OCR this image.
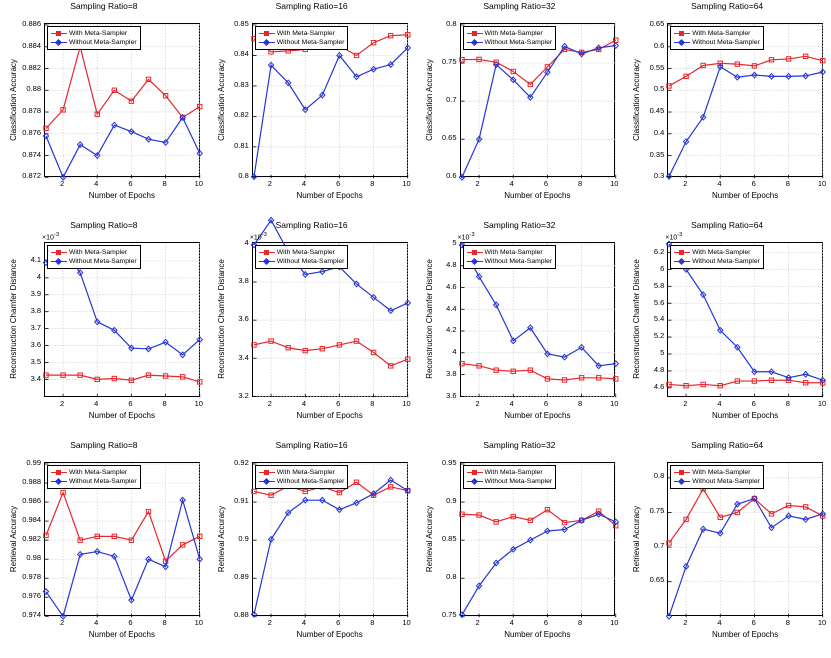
Sampling Ratio=8
0.872
0.874
0.876
0.878
0.88
0.882
0.884
0.886
2	4	6	8	10
Number of Epochs
Classification Accuracy
With Meta-Sampler
Without Meta-Sampler
Sampling Ratio=16
0.8
0.81
0.82
0.83
0.84
0.85
2	4	6	8	10
Number of Epochs
Classification Accuracy
With Meta-Sampler
Without Meta-Sampler
Sampling Ratio=32
0.6
0.65
0.7
0.75
0.8
2	4	6	8	10
Number of Epochs
Classification Accuracy
With Meta-Sampler
Without Meta-Sampler
Sampling Ratio=64
0.3
0.35
0.4
0.45
0.5
0.55
0.6
0.65
2	4	6	8	10
Number of Epochs
Classification Accuracy
With Meta-Sampler
Without Meta-Sampler
Sampling Ratio=8
3.4
3.5
3.6
3.7
3.8
3.9
4
4.1
2	4	6	8	10
$\times 10^{-3}$
Number of Epochs
Reconstruction Chamfer Distance
With Meta-Sampler
Without Meta-Sampler
Sampling Ratio=16
3.2
3.4
3.6
3.8
4
2	4	6	8	10
$\times 10^{-3}$
Number of Epochs
Reconstruction Chamfer Distance
With Meta-Sampler
Without Meta-Sampler
Sampling Ratio=32
3.6
3.8
4
4.2
4.4
4.6
4.8
5
2	4	6	8	10
$\times 10^{-3}$
Number of Epochs
Reconstruction Chamfer Distance
With Meta-Sampler
Without Meta-Sampler
Sampling Ratio=64
4.6
4.8
5
5.2
5.4
5.6
5.8
6
6.2
2	4	6	8	10
$\times 10^{-3}$
Number of Epochs
Reconstruction Chamfer Distance
With Meta-Sampler
Without Meta-Sampler
Sampling Ratio=8
0.974
0.976
0.978
0.98
0.982
0.984
0.986
0.988
0.99
2	4	6	8	10
Number of Epochs
Retrieval Accuracy
With Meta-Sampler
Without Meta-Sampler
Sampling Ratio=16
0.88
0.89
0.9
0.91
0.92
2	4	6	8	10
Number of Epochs
Retrieval Accuracy
With Meta-Sampler
Without Meta-Sampler
Sampling Ratio=32
0.75
0.8
0.85
0.9
0.95
2	4	6	8	10
Number of Epochs
Retrieval Accuracy
With Meta-Sampler
Without Meta-Sampler
Sampling Ratio=64
0.65
0.7
0.75
0.8
2	4	6	8	10
Number of Epochs
Retrieval Accuracy
With Meta-Sampler
Without Meta-Sampler
